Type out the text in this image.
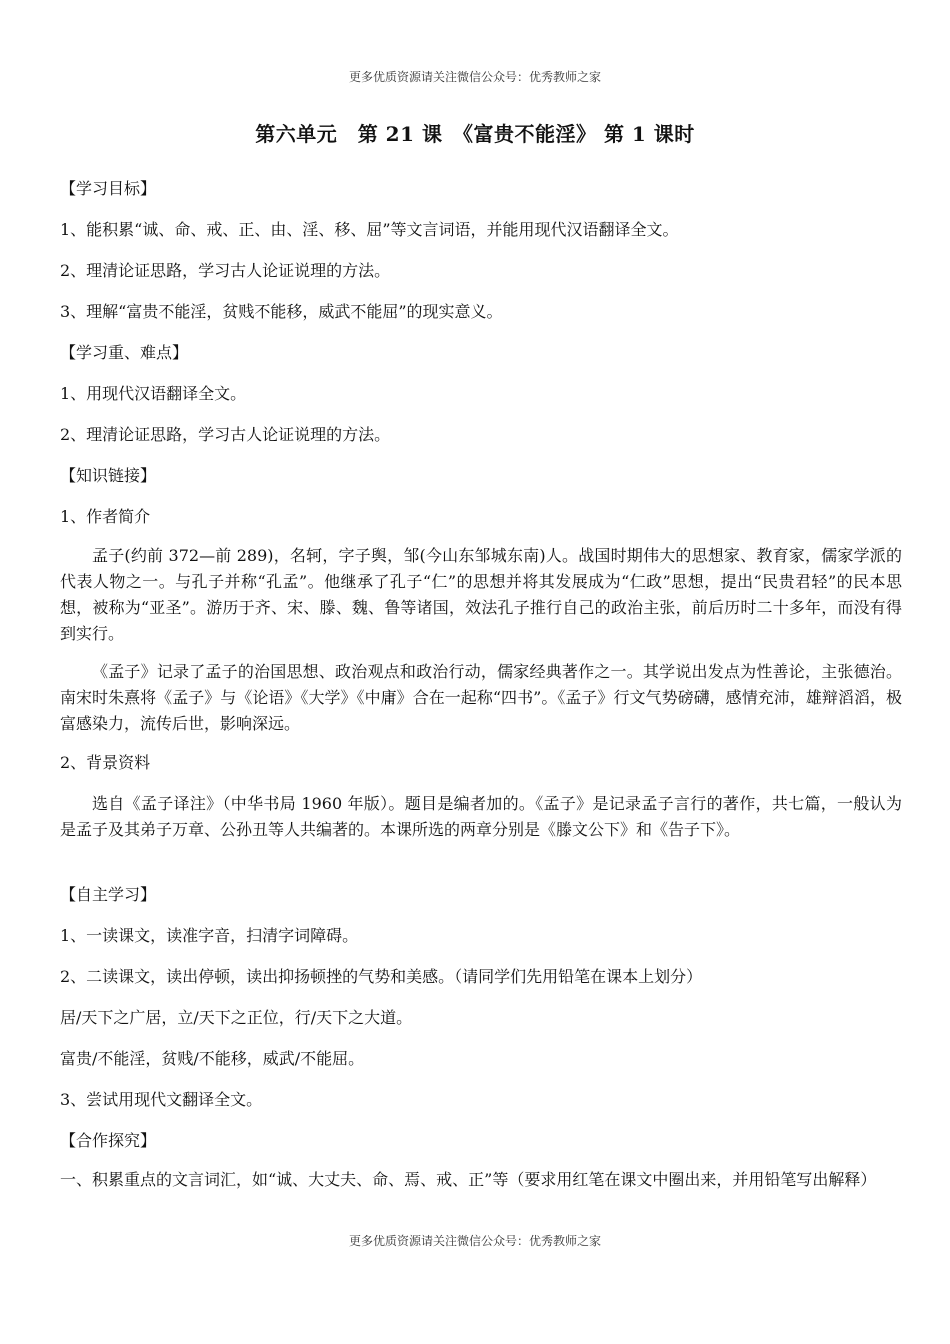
更多优质资源请关注微信公众号：优秀教师之家
第六单元　第 21 课　《富贵不能淫》 第 1 课时
【学习目标】
1、能积累“诚、命、戒、正、由、淫、移、屈”等文言词语，并能用现代汉语翻译全文。
2、理清论证思路，学习古人论证说理的方法。
3、理解“富贵不能淫，贫贱不能移，威武不能屈”的现实意义。
【学习重、难点】
1、用现代汉语翻译全文。
2、理清论证思路，学习古人论证说理的方法。
【知识链接】
1、作者简介
孟子(约前 372—前 289)，名轲，字子舆，邹(今山东邹城东南)人。战国时期伟大的思想家、教育家，儒家学派的代表人物之一。与孔子并称“孔孟”。他继承了孔子“仁”的思想并将其发展成为“仁政”思想，提出“民贵君轻”的民本思想，被称为“亚圣”。游历于齐、宋、滕、魏、鲁等诸国，效法孔子推行自己的政治主张，前后历时二十多年，而没有得到实行。
《孟子》记录了孟子的治国思想、政治观点和政治行动，儒家经典著作之一。其学说出发点为性善论，主张德治。南宋时朱熹将《孟子》与《论语》《大学》《中庸》合在一起称“四书”。《孟子》行文气势磅礴，感情充沛，雄辩滔滔，极富感染力，流传后世，影响深远。
2、背景资料
选自《孟子译注》（中华书局 1960 年版）。题目是编者加的。《孟子》是记录孟子言行的著作，共七篇，一般认为是孟子及其弟子万章、公孙丑等人共编著的。本课所选的两章分别是《滕文公下》和《告子下》。
【自主学习】
1、一读课文，读准字音，扫清字词障碍。
2、二读课文，读出停顿，读出抑扬顿挫的气势和美感。（请同学们先用铅笔在课本上划分）
居/天下之广居，立/天下之正位，行/天下之大道。
富贵/不能淫，贫贱/不能移，威武/不能屈。
3、尝试用现代文翻译全文。
【合作探究】
一、积累重点的文言词汇，如“诚、大丈夫、命、焉、戒、正”等（要求用红笔在课文中圈出来，并用铅笔写出解释）
更多优质资源请关注微信公众号：优秀教师之家
